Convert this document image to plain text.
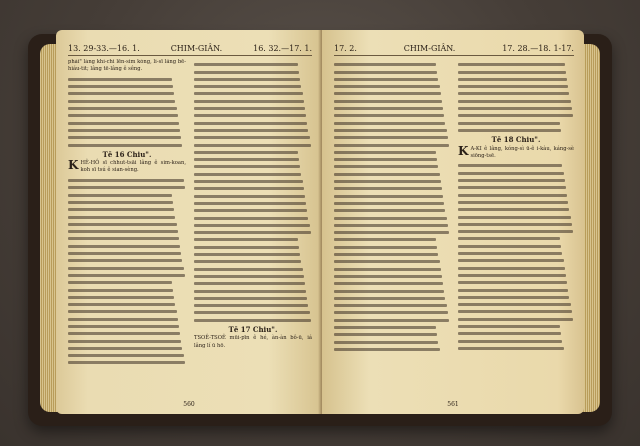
13. 29-33.—16. 1.	CHIM-GIÂN.	16. 32.—17. 1.

phái" láng khí-chi lēn-sim kóng, lí-sī lâng bē-hiáu-tit; lâng tē-lâng ê sêng.

Tē 16 Chiu".
K HÊ-HÔ sī chhut-tsāi lâng ê sim-koan, koh sī tsú ê sian-sèng.

Tē 17 Chiu".

TSOÊ-TSOÊ mūi-pīn ê hé, àn-àn bô-ū, iá lâng lí ū hō.

560
17. 2.	CHIM-GIÂN.	17. 28.—18. 1-17.
Tē 18 Chiu".
K A-KI ê lâng, kóng-sì ū-ê i-kàu, káng-sè siōng-tsē.

561
